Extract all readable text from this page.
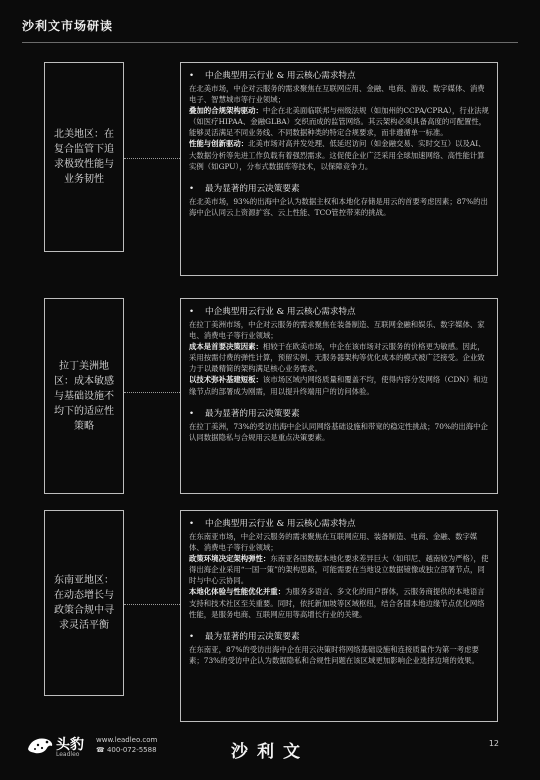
沙利文市场研读
北美地区：在复合监管下追求极致性能与业务韧性
• 中企典型用云行业 & 用云核心需求特点

在北美市场，中企对云服务的需求聚焦在互联网应用、金融、电商、游戏、数字媒体、消费电子、智慧城市等行业领域；

叠加的合规架构驱动：中企在北美面临联邦与州级法规（如加州的CCPA/CPRA），行业法规（如医疗HIPAA、金融GLBA）交织而成的监管网络。其云架构必须具备高度的可配置性，能够灵活满足不同业务线、不同数据种类的特定合规要求，而非遵循单一标准。

性能与创新驱动：北美市场对高并发处理、低延迟访问（如金融交易、实时交互）以及AI、大数据分析等先进工作负载有着强烈需求。这促使企业广泛采用全球加速网络、高性能计算实例（如GPU），分布式数据库等技术，以保障竞争力。

• 最为显著的用云决策要素

在北美市场，93%的出海中企认为数据主权和本地化存储是用云的首要考虑因素；87%的出海中企认同云上资源扩容、云上性能、TCO管控带来的挑战。

拉丁美洲地区：成本敏感与基础设施不均下的适应性策略
• 中企典型用云行业 & 用云核心需求特点

在拉丁美洲市场，中企对云服务的需求聚焦在装备制造、互联网金融和娱乐、数字媒体、家电、消费电子等行业领域；

成本是首要决策因素：相较于在欧美市场，中企在该市场对云服务的价格更为敏感。因此，采用按需付费的弹性计算，预留实例、无服务器架构等优化成本的模式被广泛接受。企业致力于以最精简的架构满足核心业务需求。

以技术弥补基建短板：该市场区域内网络质量和覆盖不均，使得内容分发网络（CDN）和边缘节点的部署成为刚需，用以提升终端用户的访问体验。

• 最为显著的用云决策要素

在拉丁美洲，73%的受访出海中企认同网络基础设施和带宽的稳定性挑战；70%的出海中企认同数据隐私与合规用云是重点决策要素。

东南亚地区：在动态增长与政策合规中寻求灵活平衡
• 中企典型用云行业 & 用云核心需求特点

在东南亚市场，中企对云服务的需求聚焦在互联网应用、装备制造、电商、金融、数字媒体、消费电子等行业领域；

政策环境决定架构弹性：东南亚各国数据本地化要求差异巨大（如印尼、越南较为严格），使得出海企业采用“一国一策”的架构思路，可能需要在当地设立数据镜像或独立部署节点，同时与中心云协同。

本地化体验与性能优化并重：为服务多语言、多文化的用户群体，云服务商提供的本地语言支持和技术社区至关重要。同时，依托新加坡等区域枢纽，结合各国本地边缘节点优化网络性能，是服务电商、互联网应用等高增长行业的关键。

• 最为显著的用云决策要素

在东南亚，87%的受访出海中企在用云决策时将网络基础设施和连接质量作为第一考虑要素；73%的受访中企认为数据隐私和合规性问题在该区域更加影响企业选择边境的效果。

头豹
Leadleo
www.leadleo.com
☎ 400-072-5588	沙利文	12
